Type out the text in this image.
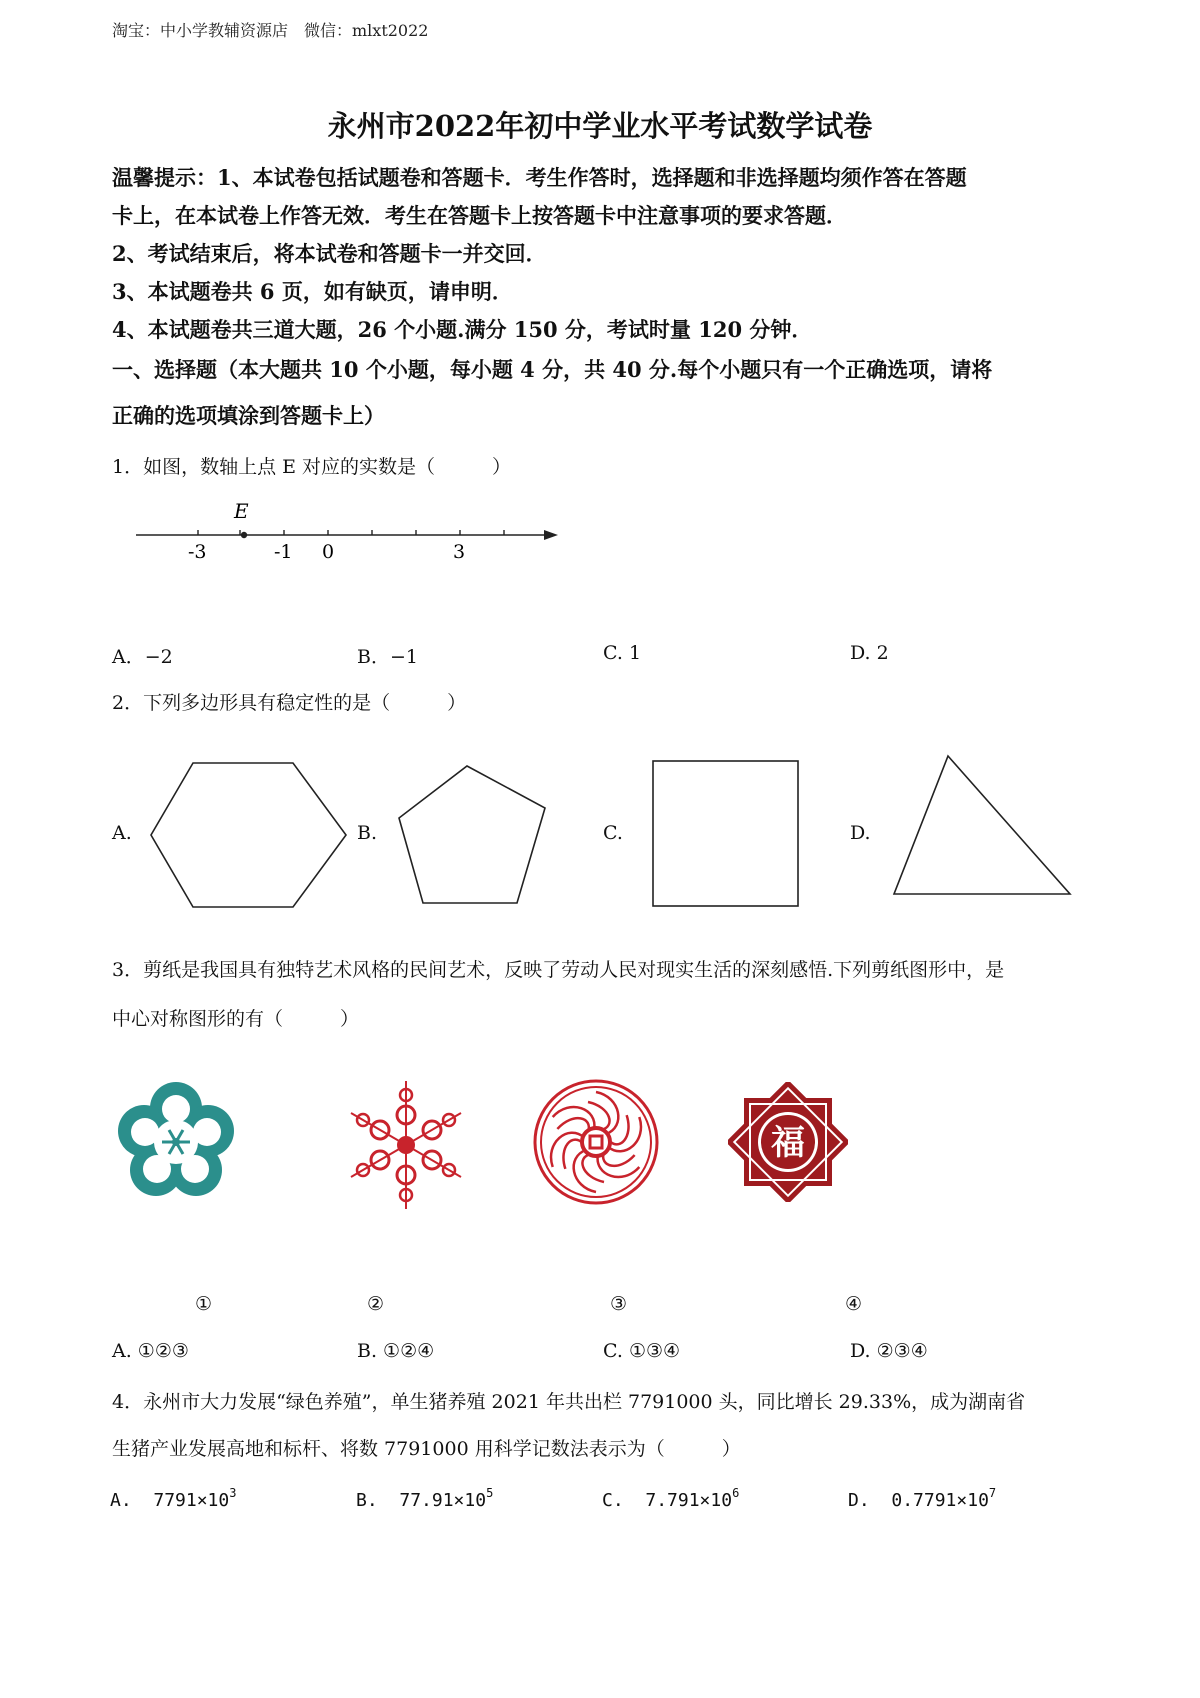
淘宝：中小学教辅资源店　微信：mlxt2022
永州市2022年初中学业水平考试数学试卷
温馨提示：1、本试卷包括试题卷和答题卡．考生作答时，选择题和非选择题均须作答在答题
卡上，在本试卷上作答无效．考生在答题卡上按答题卡中注意事项的要求答题．
2、考试结束后，将本试卷和答题卡一并交回．
3、本试题卷共 6 页，如有缺页，请申明．
4、本试题卷共三道大题，26 个小题.满分 150 分，考试时量 120 分钟．
一、选择题（本大题共 10 个小题，每小题 4 分，共 40 分.每个小题只有一个正确选项，请将
正确的选项填涂到答题卡上）
1．如图，数轴上点 E 对应的实数是（　　　）
E
-3	-1 0	3
A．−2	B．−1	C. 1	D. 2
2．下列多边形具有稳定性的是（　　　）
A.	B.	C.	D.
3．剪纸是我国具有独特艺术风格的民间艺术，反映了劳动人民对现实生活的深刻感悟.下列剪纸图形中，是
中心对称图形的有（　　　）
福
①	②	③	④
A. ①②③	B. ①②④	C. ①③④	D. ②③④
4．永州市大力发展“绿色养殖”，单生猪养殖 2021 年共出栏 7791000 头，同比增长 29.33%，成为湖南省
生猪产业发展高地和标杆、将数 7791000 用科学记数法表示为（　　　）
A. $7791\times 10^3$	B. $77.91\times 10^5$	C. $7.791\times 10^6$	D. $0.7791\times 10^7$
